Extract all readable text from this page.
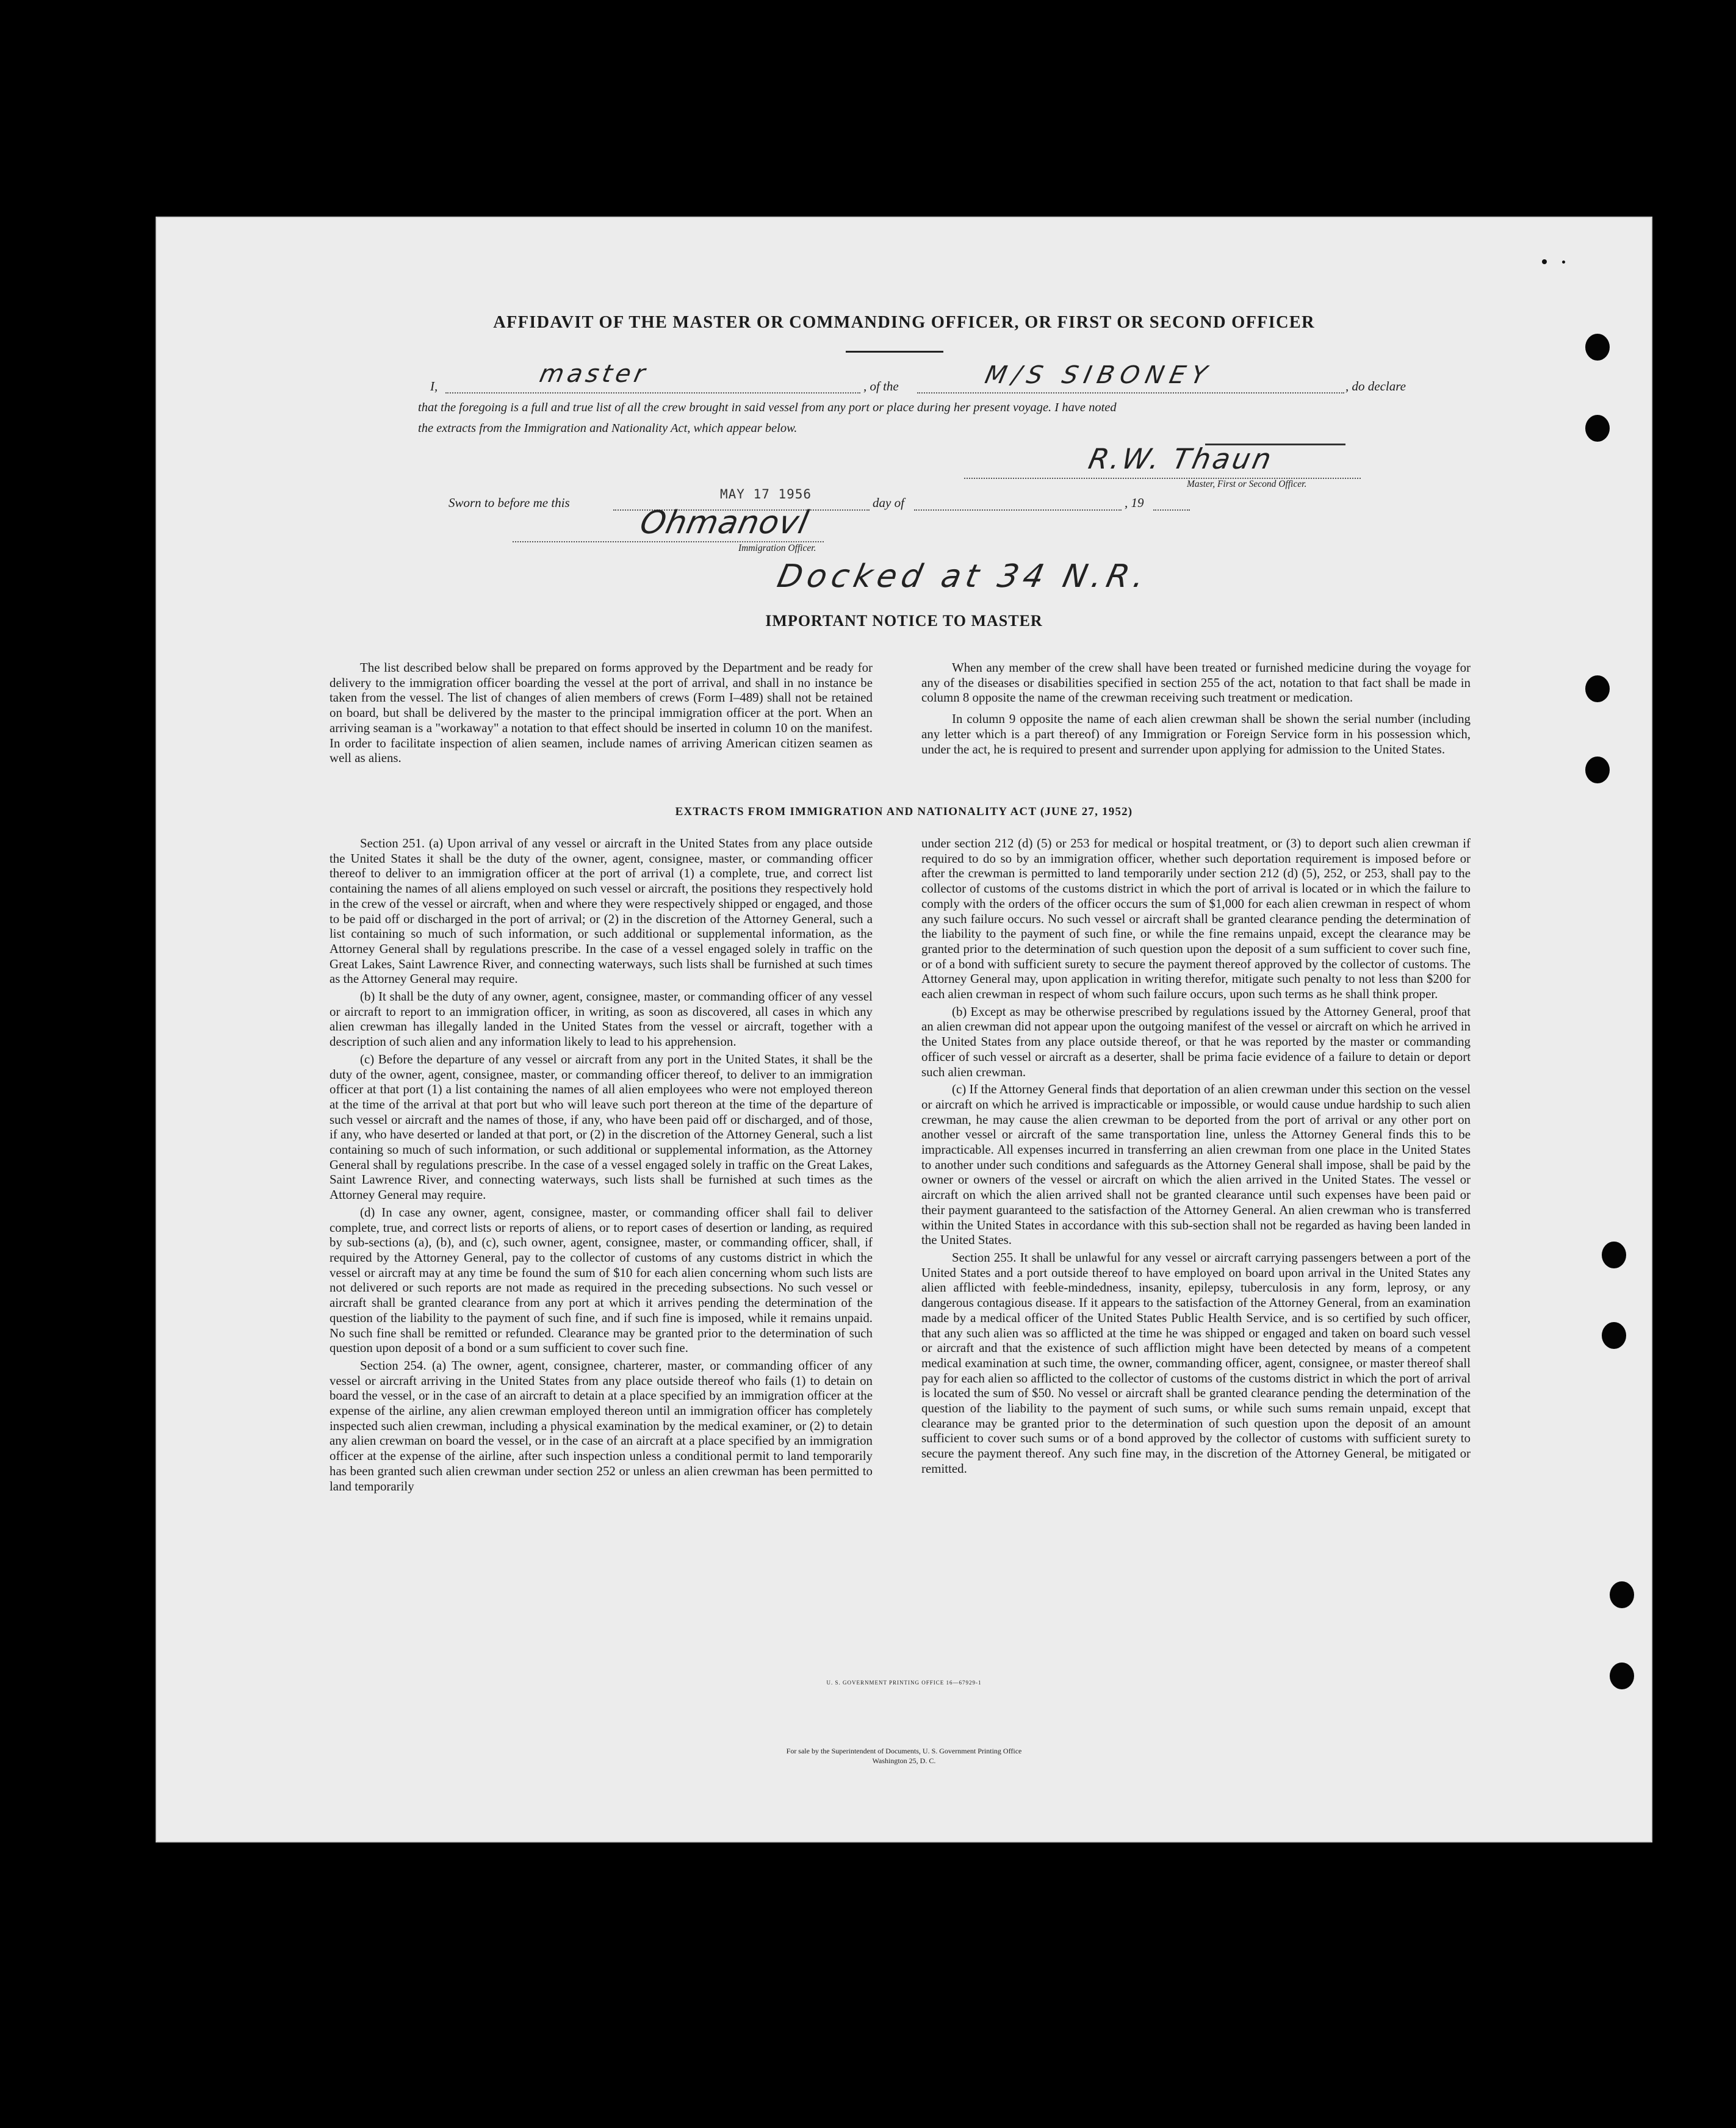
AFFIDAVIT OF THE MASTER OR COMMANDING OFFICER, OR FIRST OR SECOND OFFICER
I,	master	, of the	M/S SIBONEY	, do declare
that the foregoing is a full and true list of all the crew brought in said vessel from any port or place during her present voyage. I have noted
the extracts from the Immigration and Nationality Act, which appear below.
R.W. Thaun
Master, First or Second Officer.
Sworn to before me this
MAY 17 1956
day of	, 19
Ohmanovl
Immigration Officer.
Docked at 34 N.R.
IMPORTANT NOTICE TO MASTER

The list described below shall be prepared on forms approved by the Department and be ready for delivery to the immigration officer boarding the vessel at the port of arrival, and shall in no instance be taken from the vessel. The list of changes of alien members of crews (Form I–489) shall not be retained on board, but shall be delivered by the master to the principal immigration officer at the port. When an arriving seaman is a "workaway" a notation to that effect should be inserted in column 10 on the manifest. In order to facilitate inspection of alien seamen, include names of arriving American citizen seamen as well as aliens.

When any member of the crew shall have been treated or furnished medicine during the voyage for any of the diseases or disabilities specified in section 255 of the act, notation to that fact shall be made in column 8 opposite the name of the crewman receiving such treatment or medication.

In column 9 opposite the name of each alien crewman shall be shown the serial number (including any letter which is a part thereof) of any Immigration or Foreign Service form in his possession which, under the act, he is required to present and surrender upon applying for admission to the United States.

EXTRACTS FROM IMMIGRATION AND NATIONALITY ACT (JUNE 27, 1952)

Section 251. (a) Upon arrival of any vessel or aircraft in the United States from any place outside the United States it shall be the duty of the owner, agent, consignee, master, or commanding officer thereof to deliver to an immigration officer at the port of arrival (1) a complete, true, and correct list containing the names of all aliens employed on such vessel or aircraft, the positions they respectively hold in the crew of the vessel or aircraft, when and where they were respectively shipped or engaged, and those to be paid off or discharged in the port of arrival; or (2) in the discretion of the Attorney General, such a list containing so much of such information, or such additional or supplemental information, as the Attorney General shall by regulations prescribe. In the case of a vessel engaged solely in traffic on the Great Lakes, Saint Lawrence River, and connecting waterways, such lists shall be furnished at such times as the Attorney General may require.

(b) It shall be the duty of any owner, agent, consignee, master, or commanding officer of any vessel or aircraft to report to an immigration officer, in writing, as soon as discovered, all cases in which any alien crewman has illegally landed in the United States from the vessel or aircraft, together with a description of such alien and any information likely to lead to his apprehension.

(c) Before the departure of any vessel or aircraft from any port in the United States, it shall be the duty of the owner, agent, consignee, master, or commanding officer thereof, to deliver to an immigration officer at that port (1) a list containing the names of all alien employees who were not employed thereon at the time of the arrival at that port but who will leave such port thereon at the time of the departure of such vessel or aircraft and the names of those, if any, who have been paid off or discharged, and of those, if any, who have deserted or landed at that port, or (2) in the discretion of the Attorney General, such a list containing so much of such information, or such additional or supplemental information, as the Attorney General shall by regulations prescribe. In the case of a vessel engaged solely in traffic on the Great Lakes, Saint Lawrence River, and connecting waterways, such lists shall be furnished at such times as the Attorney General may require.

(d) In case any owner, agent, consignee, master, or commanding officer shall fail to deliver complete, true, and correct lists or reports of aliens, or to report cases of desertion or landing, as required by sub-sections (a), (b), and (c), such owner, agent, consignee, master, or commanding officer, shall, if required by the Attorney General, pay to the collector of customs of any customs district in which the vessel or aircraft may at any time be found the sum of $10 for each alien concerning whom such lists are not delivered or such reports are not made as required in the preceding subsections. No such vessel or aircraft shall be granted clearance from any port at which it arrives pending the determination of the question of the liability to the payment of such fine, and if such fine is imposed, while it remains unpaid. No such fine shall be remitted or refunded. Clearance may be granted prior to the determination of such question upon deposit of a bond or a sum sufficient to cover such fine.

Section 254. (a) The owner, agent, consignee, charterer, master, or commanding officer of any vessel or aircraft arriving in the United States from any place outside thereof who fails (1) to detain on board the vessel, or in the case of an aircraft to detain at a place specified by an immigration officer at the expense of the airline, any alien crewman employed thereon until an immigration officer has completely inspected such alien crewman, including a physical examination by the medical examiner, or (2) to detain any alien crewman on board the vessel, or in the case of an aircraft at a place specified by an immigration officer at the expense of the airline, after such inspection unless a conditional permit to land temporarily has been granted such alien crewman under section 252 or unless an alien crewman has been permitted to land temporarily

under section 212 (d) (5) or 253 for medical or hospital treatment, or (3) to deport such alien crewman if required to do so by an immigration officer, whether such deportation requirement is imposed before or after the crewman is permitted to land temporarily under section 212 (d) (5), 252, or 253, shall pay to the collector of customs of the customs district in which the port of arrival is located or in which the failure to comply with the orders of the officer occurs the sum of $1,000 for each alien crewman in respect of whom any such failure occurs. No such vessel or aircraft shall be granted clearance pending the determination of the liability to the payment of such fine, or while the fine remains unpaid, except the clearance may be granted prior to the determination of such question upon the deposit of a sum sufficient to cover such fine, or of a bond with sufficient surety to secure the payment thereof approved by the collector of customs. The Attorney General may, upon application in writing therefor, mitigate such penalty to not less than $200 for each alien crewman in respect of whom such failure occurs, upon such terms as he shall think proper.

(b) Except as may be otherwise prescribed by regulations issued by the Attorney General, proof that an alien crewman did not appear upon the outgoing manifest of the vessel or aircraft on which he arrived in the United States from any place outside thereof, or that he was reported by the master or commanding officer of such vessel or aircraft as a deserter, shall be prima facie evidence of a failure to detain or deport such alien crewman.

(c) If the Attorney General finds that deportation of an alien crewman under this section on the vessel or aircraft on which he arrived is impracticable or impossible, or would cause undue hardship to such alien crewman, he may cause the alien crewman to be deported from the port of arrival or any other port on another vessel or aircraft of the same transportation line, unless the Attorney General finds this to be impracticable. All expenses incurred in transferring an alien crewman from one place in the United States to another under such conditions and safeguards as the Attorney General shall impose, shall be paid by the owner or owners of the vessel or aircraft on which the alien arrived in the United States. The vessel or aircraft on which the alien arrived shall not be granted clearance until such expenses have been paid or their payment guaranteed to the satisfaction of the Attorney General. An alien crewman who is transferred within the United States in accordance with this sub-section shall not be regarded as having been landed in the United States.

Section 255. It shall be unlawful for any vessel or aircraft carrying passengers between a port of the United States and a port outside thereof to have employed on board upon arrival in the United States any alien afflicted with feeble-mindedness, insanity, epilepsy, tuberculosis in any form, leprosy, or any dangerous contagious disease. If it appears to the satisfaction of the Attorney General, from an examination made by a medical officer of the United States Public Health Service, and is so certified by such officer, that any such alien was so afflicted at the time he was shipped or engaged and taken on board such vessel or aircraft and that the existence of such affliction might have been detected by means of a competent medical examination at such time, the owner, commanding officer, agent, consignee, or master thereof shall pay for each alien so afflicted to the collector of customs of the customs district in which the port of arrival is located the sum of $50. No vessel or aircraft shall be granted clearance pending the determination of the question of the liability to the payment of such sums, or while such sums remain unpaid, except that clearance may be granted prior to the determination of such question upon the deposit of an amount sufficient to cover such sums or of a bond approved by the collector of customs with sufficient surety to secure the payment thereof. Any such fine may, in the discretion of the Attorney General, be mitigated or remitted.

U. S. GOVERNMENT PRINTING OFFICE 16—67929-1
For sale by the Superintendent of Documents, U. S. Government Printing Office
Washington 25, D. C.
